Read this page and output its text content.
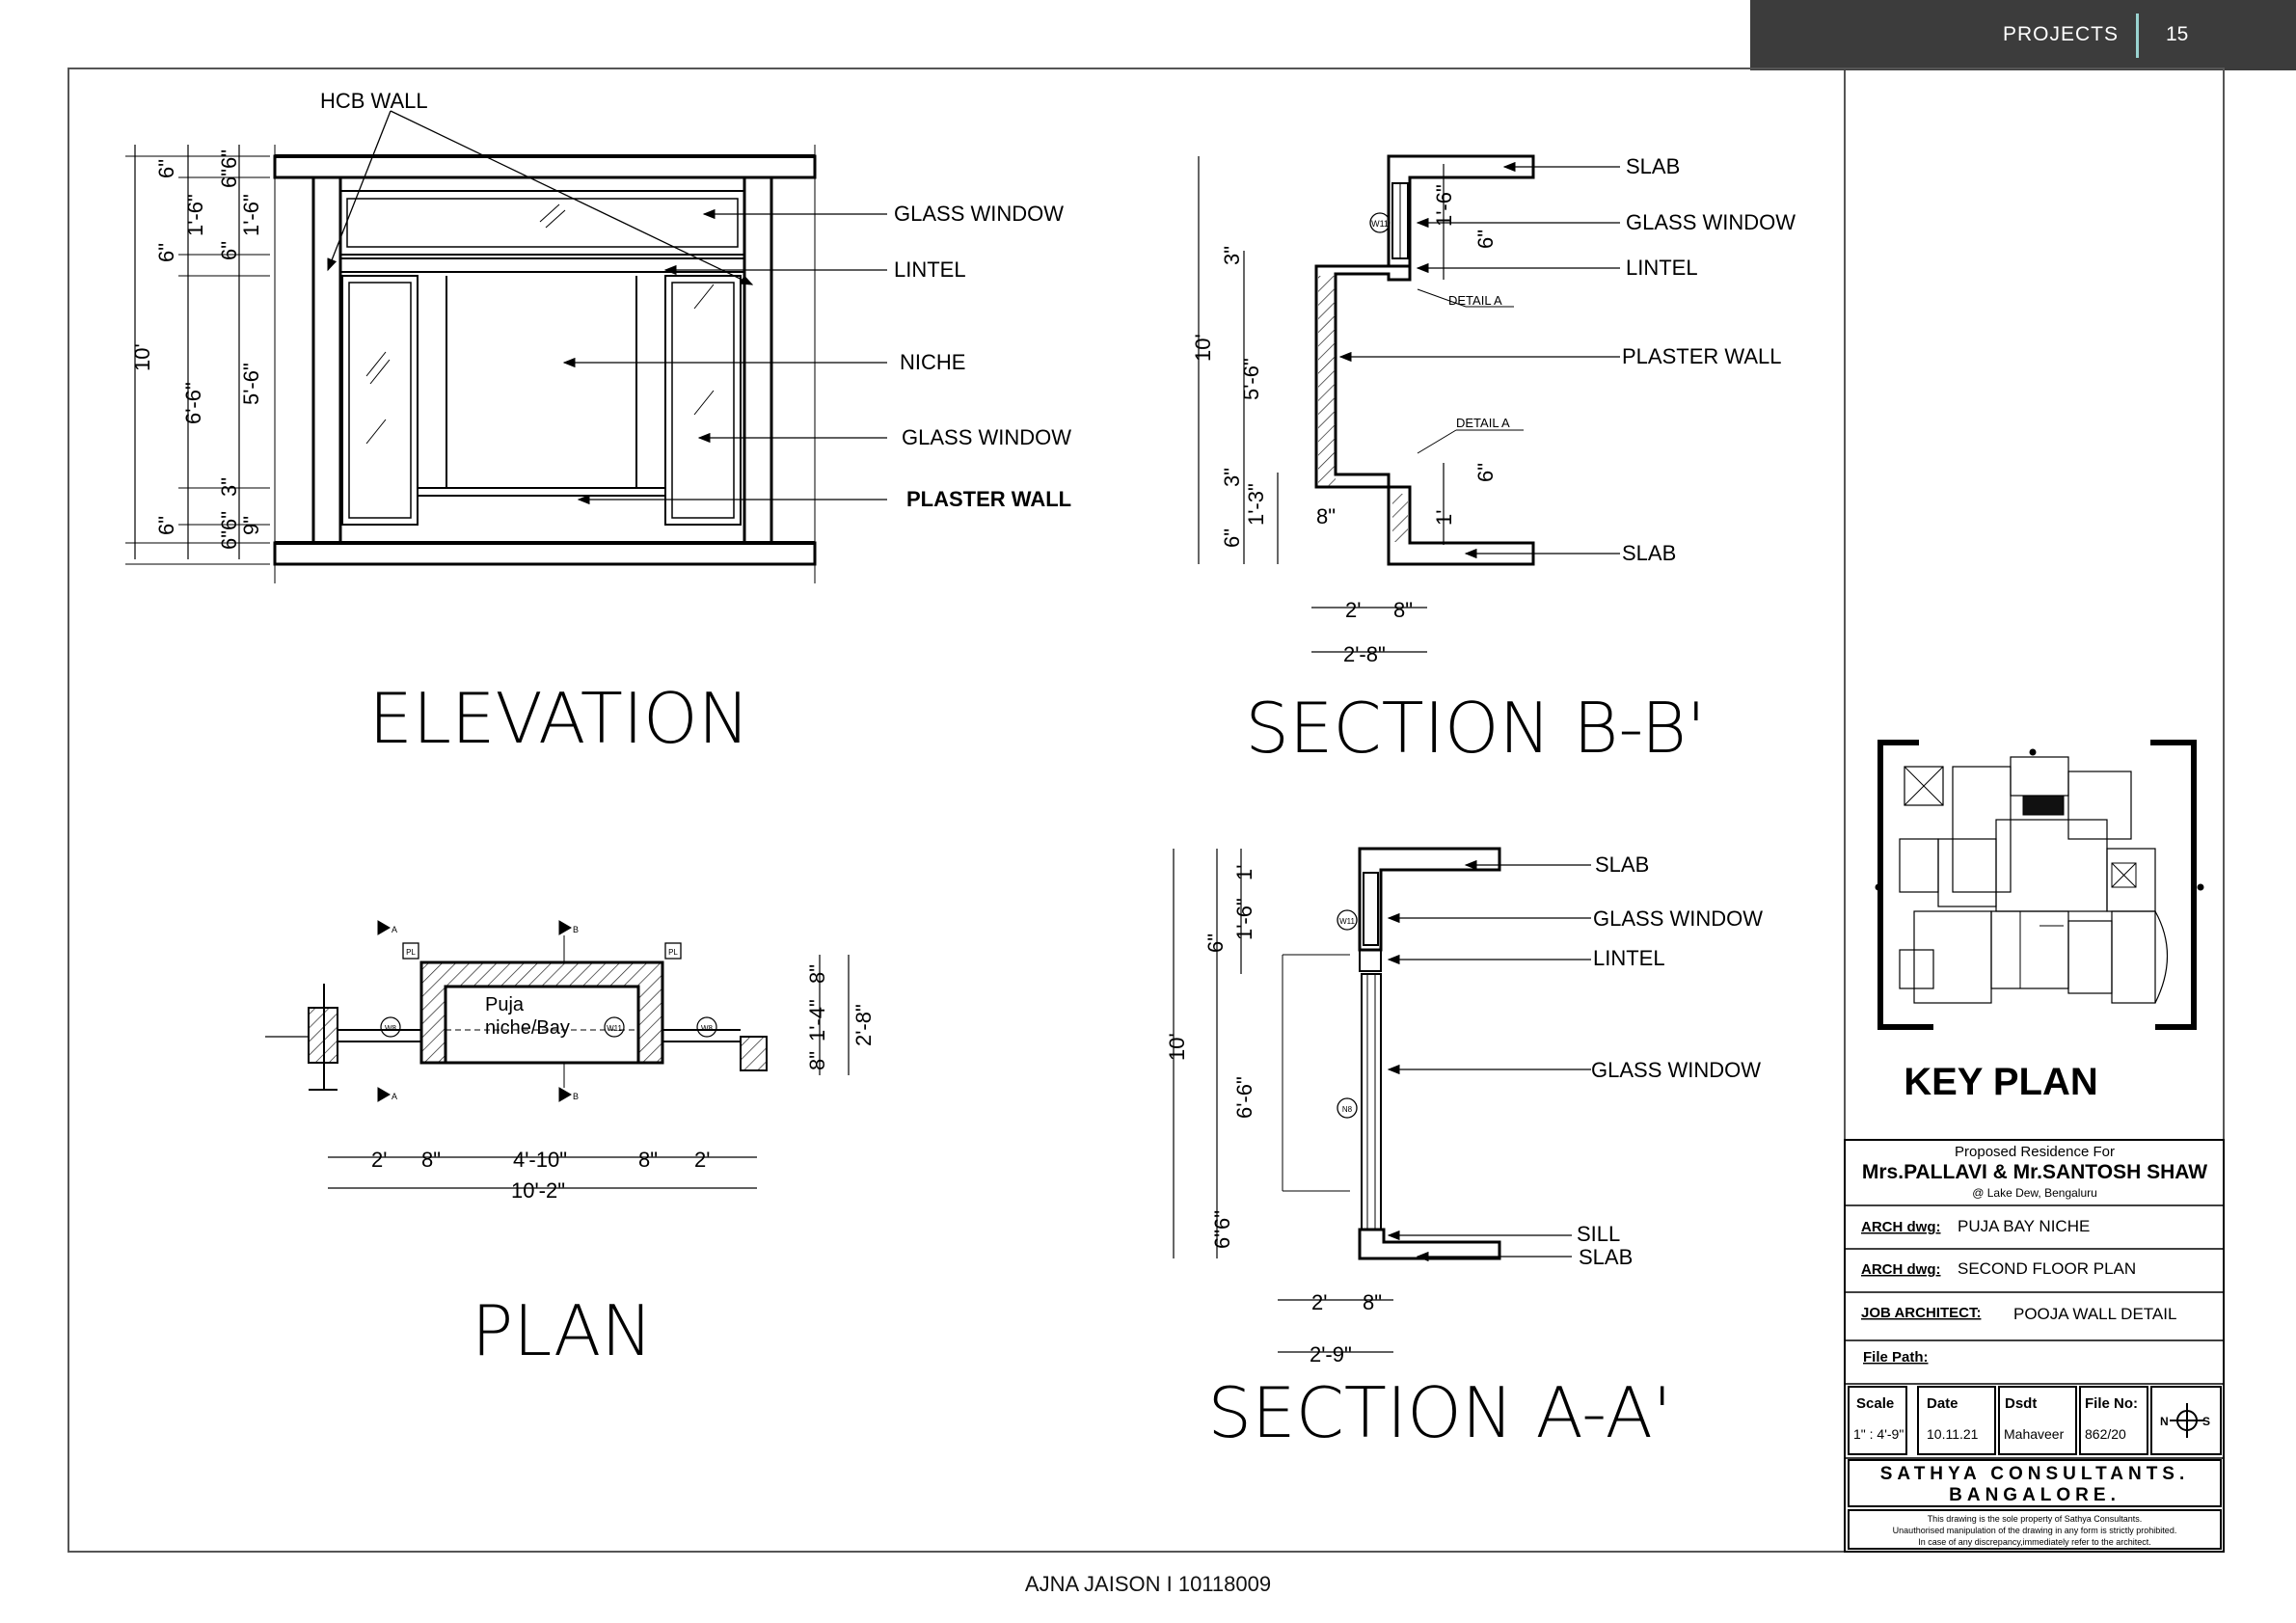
PROJECTS 15
HCB WALL
GLASS WINDOW
LINTEL
NICHE
GLASS WINDOW
PLASTER WALL
6"
6"
10'
6'-6"
6"
6"6"
1'-6"
6"
1'-6"
5'-6"
3"
6"6"
9"
ELEVATION
SLAB
GLASS WINDOW
LINTEL
PLASTER WALL
SLAB
DETAIL A
DETAIL A
W11
3"
10'
5'-6"
3"
6"
1'-3" 8"
1'-6"
6"
6"
1'
2' 8"
2'-8"
SECTION B-B'
Puja
niche/Bay
W8	W11	W8
PL	PL
A	B
A	B
2' 8"	4'-10"	8" 2'
10'-2"
8"
1'-4"
8"
2'-8"
PLAN
SLAB
GLASS WINDOW
LINTEL
GLASS WINDOW
SILL
SLAB
W11
N8
6"
1'-6"
1'
10'
6'-6"
6"6"
2' 8"
2'-9"
SECTION A-A'
KEY PLAN
Proposed Residence For
Mrs.PALLAVI & Mr.SANTOSH SHAW
@ Lake Dew, Bengaluru
ARCH dwg: PUJA BAY NICHE
ARCH dwg: SECOND FLOOR PLAN
JOB ARCHITECT: POOJA WALL DETAIL
File Path:
Scale Date	Dsdt	File No:
1" : 4'-9" 10.11.21 Mahaveer 862/20
N	S
SATHYA CONSULTANTS.
BANGALORE.
This drawing is the sole property of Sathya Consultants.
Unauthorised manipulation of the drawing in any form is strictly prohibited.
In case of any discrepancy,immediately refer to the architect.
AJNA JAISON I 10118009
